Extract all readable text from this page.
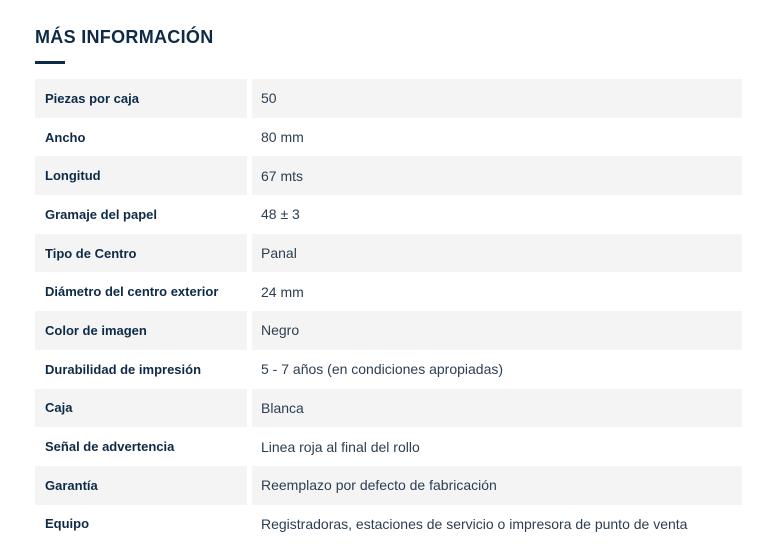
MÁS INFORMACIÓN
Piezas por caja	50
Ancho	80 mm
Longitud	67 mts
Gramaje del papel	48 ± 3
Tipo de Centro	Panal
Diámetro del centro exterior	24 mm
Color de imagen	Negro
Durabilidad de impresión	5 - 7 años (en condiciones apropiadas)
Caja	Blanca
Señal de advertencia	Linea roja al final del rollo
Garantía	Reemplazo por defecto de fabricación
Equipo	Registradoras, estaciones de servicio o impresora de punto de venta
